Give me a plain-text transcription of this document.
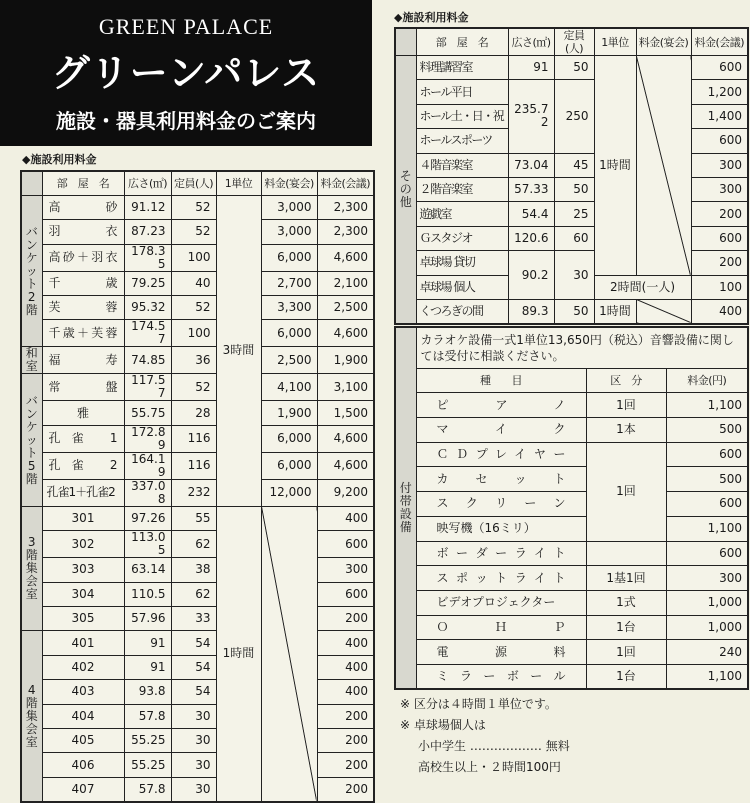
GREEN PALACE
グリーンパレス
施設・器具利用料金のご案内
◆施設利用料金
	部　屋　名	広さ(㎡)	定員(人)	1単位	料金(宴会)	料金(会議)
バンケット2階	高砂	91.12	52	3時間	3,000	2,300
	羽衣	87.23	52		3,000	2,300
	高砂＋羽衣	178.35	100		6,000	4,600
	千歳	79.25	40		2,700	2,100
	芙蓉	95.32	52		3,300	2,500
	千歳＋芙蓉	174.57	100		6,000	4,600
和室	福寿	74.85	36		2,500	1,900
バンケット5階	常盤	117.57	52		4,100	3,100
	雅	55.75	28		1,900	1,500
	孔雀 1	172.89	116		6,000	4,600
	孔雀 2	164.19	116		6,000	4,600
	孔雀1＋孔雀2	337.08	232		12,000	9,200
3階集会室	301	97.26	55	1時間		400
	302	113.05	62			600
	303	63.14	38			300
	304	110.5	62			600
	305	57.96	33			200
4階集会室	401	91	54			400
	402	91	54			400
	403	93.8	54			400
	404	57.8	30			200
	405	55.25	30			200
	406	55.25	30			200
	407	57.8	30			200
◆施設利用料金
	部　屋　名	広さ(㎡)	定員(人)	1単位	料金(宴会)	料金(会議)
その他	料理講習室	91	50	1時間		600
	ホール平日	235.72	250			1,200
	ホール土・日・祝					1,400
	ホールスポーツ					600
	４階音楽室	73.04	45			300
	２階音楽室	57.33	50			300
	遊戯室	54.4	25			200
	Ｇスタジオ	120.6	60			600
	卓球場 貸切	90.2	30			200
	卓球場 個人			2時間(一人)		100
	くつろぎの間	89.3	50	1時間		400
付帯設備	カラオケ設備一式1単位13,650円（税込）音響設備に関しては受付に相談ください。		
	種　　目	区　分	料金(円)
	ピアノ	1回	1,100
	マイク	1本	500
	ＣＤプレイヤー	1回	600
	カセット		500
	スクリーン		600
	映写機（16ミリ）		1,100
	ボーダーライト		600
	スポットライト	1基1回	300
	ビデオプロジェクター	1式	1,000
	ＯＨＰ	1台	1,000
	電源料	1回	240
	ミラーボール	1台	1,100
※ 区分は４時間１単位です。
※ 卓球場個人は
小中学生 ‥‥‥‥‥‥‥‥‥ 無料
高校生以上・２時間100円
